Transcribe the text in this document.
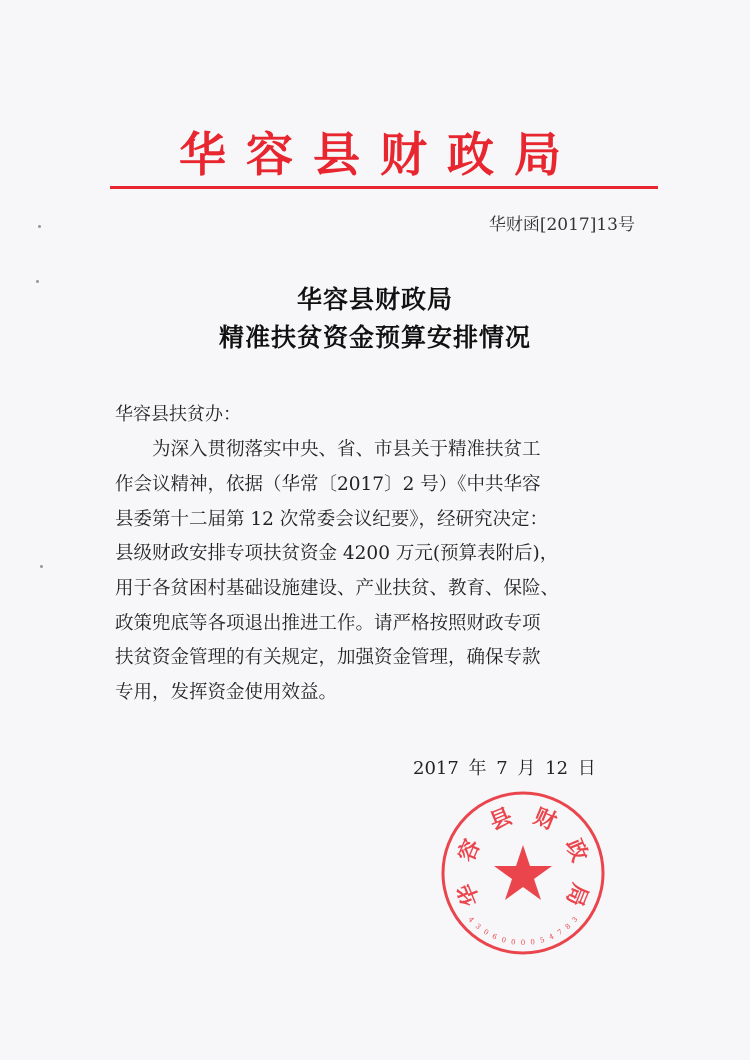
华容县财政局
华财函[2017]13号
华容县财政局
精准扶贫资金预算安排情况
华容县扶贫办：
　　为深入贯彻落实中央、省、市县关于精准扶贫工
作会议精神，依据（华常〔2017〕2 号）《中共华容
县委第十二届第 12 次常委会议纪要》，经研究决定：
县级财政安排专项扶贫资金 4200 万元(预算表附后)，
用于各贫困村基础设施建设、产业扶贫、教育、保险、
政策兜底等各项退出推进工作。请严格按照财政专项
扶贫资金管理的有关规定，加强资金管理，确保专款
专用，发挥资金使用效益。
2017 年 7 月 12 日
华
容
县 财
政
局
4
3
0 6 0 0 0 0 5 4 7
8
3
